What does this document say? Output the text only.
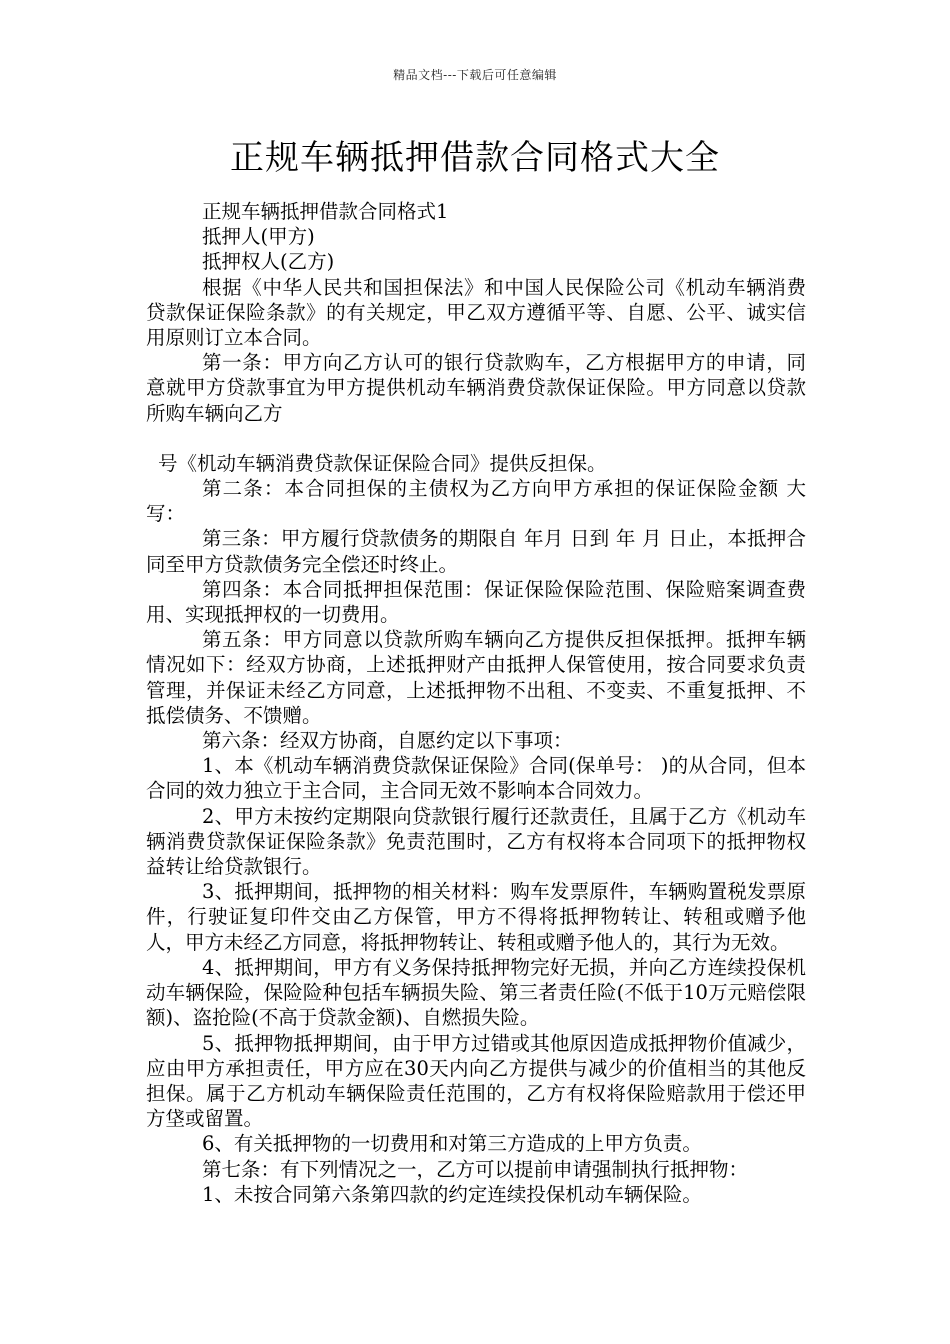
精品文档---下载后可任意编辑
正规车辆抵押借款合同格式大全

正规车辆抵押借款合同格式1

抵押人(甲方)

抵押权人(乙方)

根据《中华人民共和国担保法》和中国人民保险公司《机动车辆消费贷款保证保险条款》的有关规定，甲乙双方遵循平等、自愿、公平、诚实信用原则订立本合同。

第一条：甲方向乙方认可的银行贷款购车，乙方根据甲方的申请，同意就甲方贷款事宜为甲方提供机动车辆消费贷款保证保险。甲方同意以贷款所购车辆向乙方

号《机动车辆消费贷款保证保险合同》提供反担保。

第二条：本合同担保的主债权为乙方向甲方承担的保证保险金额 大写：

第三条：甲方履行贷款债务的期限自 年月 日到 年 月 日止，本抵押合同至甲方贷款债务完全偿还时终止。

第四条：本合同抵押担保范围：保证保险保险范围、保险赔案调查费用、实现抵押权的一切费用。

第五条：甲方同意以贷款所购车辆向乙方提供反担保抵押。抵押车辆情况如下：经双方协商，上述抵押财产由抵押人保管使用，按合同要求负责管理，并保证未经乙方同意，上述抵押物不出租、不变卖、不重复抵押、不抵偿债务、不馈赠。

第六条：经双方协商，自愿约定以下事项：

1、本《机动车辆消费贷款保证保险》合同(保单号： )的从合同，但本合同的效力独立于主合同，主合同无效不影响本合同效力。

2、甲方未按约定期限向贷款银行履行还款责任，且属于乙方《机动车辆消费贷款保证保险条款》免责范围时，乙方有权将本合同项下的抵押物权益转让给贷款银行。

3、抵押期间，抵押物的相关材料：购车发票原件，车辆购置税发票原件，行驶证复印件交由乙方保管，甲方不得将抵押物转让、转租或赠予他人，甲方未经乙方同意，将抵押物转让、转租或赠予他人的，其行为无效。

4、抵押期间，甲方有义务保持抵押物完好无损，并向乙方连续投保机动车辆保险，保险险种包括车辆损失险、第三者责任险(不低于10万元赔偿限额)、盗抢险(不高于贷款金额)、自燃损失险。

5、抵押物抵押期间，由于甲方过错或其他原因造成抵押物价值减少，应由甲方承担责任，甲方应在30天内向乙方提供与减少的价值相当的其他反担保。属于乙方机动车辆保险责任范围的，乙方有权将保险赔款用于偿还甲方垡或留置。

6、有关抵押物的一切费用和对第三方造成的上甲方负责。

第七条：有下列情况之一，乙方可以提前申请强制执行抵押物：

1、未按合同第六条第四款的约定连续投保机动车辆保险。
